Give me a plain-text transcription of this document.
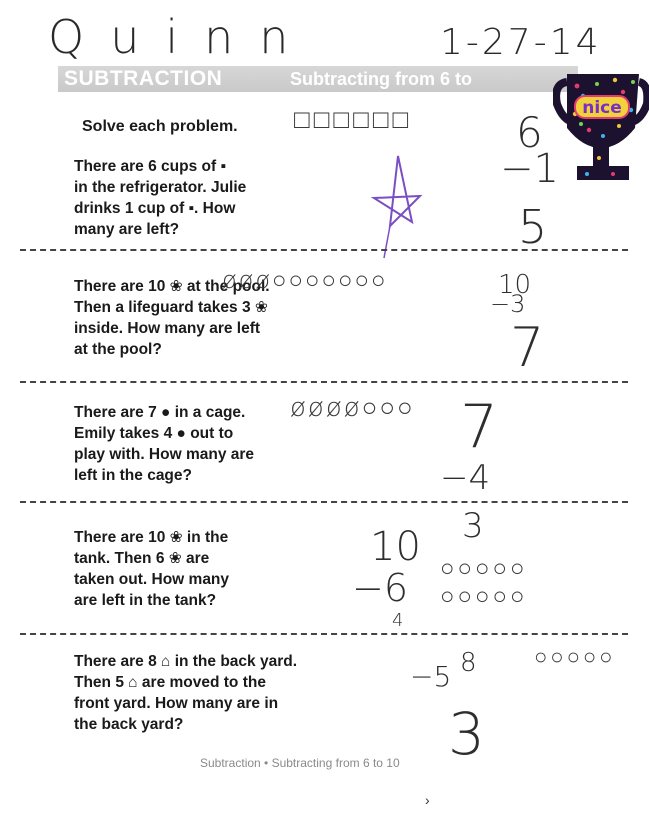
Quinn	1-27-14
SUBTRACTION	Subtracting from 6 to
nice
Solve each problem.
There are 6 cups of ▪
in the refrigerator. Julie
drinks 1 cup of ▪. How
many are left?
□□□□□□ 6
−1
5
There are 10 ❀ at the pool.
Then a lifeguard takes 3 ❀
inside. How many are left
at the pool?
øøø○○○○○○○	10
−3
7
There are 7 ● in a cage.
Emily takes 4 ● out to
play with. How many are
left in the cage?
øøøø○○○ 7
−4
3
There are 10 ❀ in the
tank. Then 6 ❀ are
taken out. How many
are left in the tank?
10
−6
4
○○○○○
○○○○○
There are 8 ⌂ in the back yard.
Then 5 ⌂ are moved to the
front yard. How many are in
the back yard?
8
−5
3
○○○○○
Subtraction • Subtracting from 6 to 10
›
